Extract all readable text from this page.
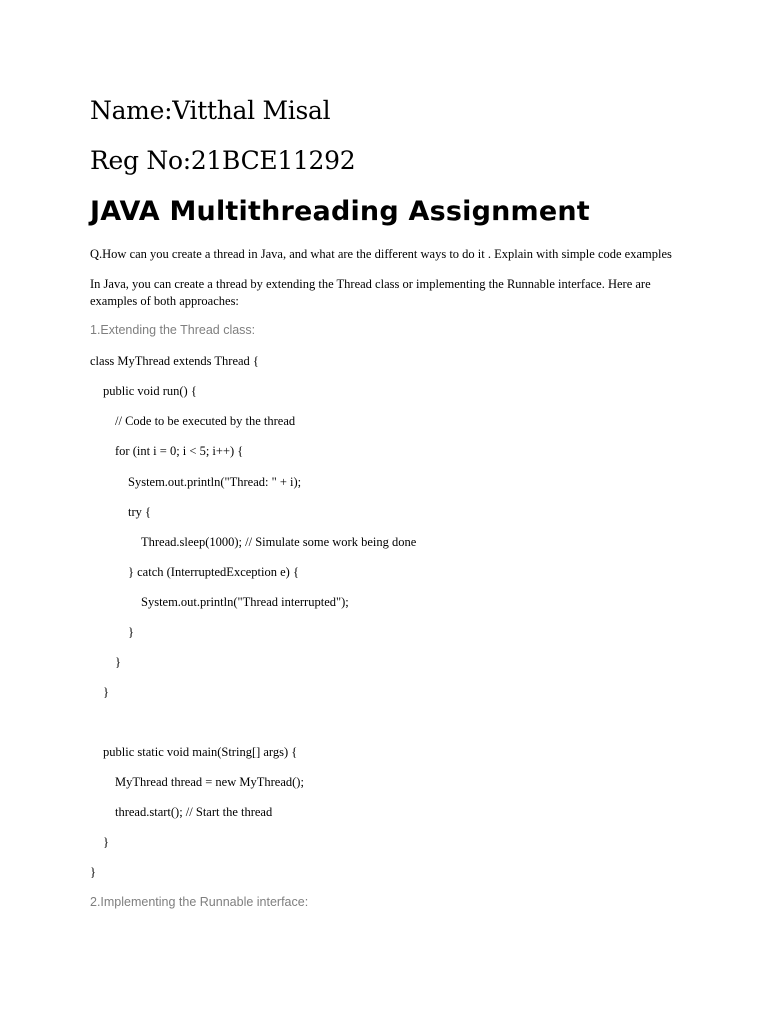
Name:Vitthal Misal

Reg No:21BCE11292

JAVA Multithreading Assignment

Q.How can you create a thread in Java, and what are the different ways to do it . Explain with simple code examples

In Java, you can create a thread by extending the Thread class or implementing the Runnable interface. Here are examples of both approaches:

1.Extending the Thread class:

class MyThread extends Thread {

public void run() {

// Code to be executed by the thread

for (int i = 0; i < 5; i++) {

System.out.println("Thread: " + i);

try {

Thread.sleep(1000); // Simulate some work being done

} catch (InterruptedException e) {

System.out.println("Thread interrupted");

}

}

}

public static void main(String[] args) {

MyThread thread = new MyThread();

thread.start(); // Start the thread

}

}

2.Implementing the Runnable interface:
